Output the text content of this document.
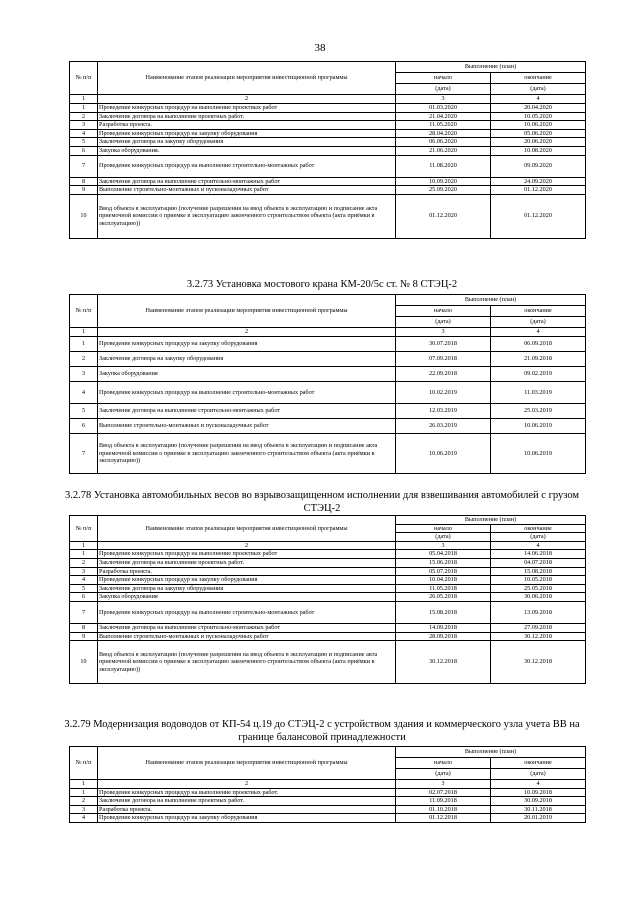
38
№ п/п	Наименование этапов реализации мероприятия инвестиционной программы	Выполнение (план)	
		начало	окончание
		(дата)	(дата)
1	2	3	4
1	Проведение конкурсных процедур на выполнение проектных работ	01.03.2020	20.04.2020
2	Заключение договора на выполнение проектных работ.	21.04.2020	10.05.2020
3	Разработка проекта.	11.05.2020	10.06.2020
4	Проведение конкурсных процедур на закупку оборудования	28.04.2020	05.06.2020
5	Заключение договора на закупку оборудования	06.06.2020	20.06.2020
6	Закупка оборудования.	21.06.2020	10.08.2020
7	Проведение конкурсных процедур на выполнение строительно-монтажных работ	11.08.2020	09.09.2020
8	Заключение договора на выполнение строительно-монтажных работ	10.09.2020	24.09.2020
9	Выполнение строительно-монтажных и пусконаладочных работ	25.09.2020	01.12.2020
10	Ввод объекта в эксплуатацию (получение разрешения на ввод объекта в эксплуатацию и подписание акта приемочной комиссии о приемке в эксплуатацию законченного строительством объекта (акта приёмки в эксплуатацию))	01.12.2020	01.12.2020
3.2.73 Установка мостового крана КМ-20/5с ст. № 8 СТЭЦ-2
№ п/п	Наименование этапов реализации мероприятия инвестиционной программы	Выполнение (план)	
		начало	окончание
		(дата)	(дата)
1	2	3	4
1	Проведение конкурсных процедур на закупку оборудования	30.07.2018	06.09.2018
2	Заключение договора на закупку оборудования	07.09.2018	21.09.2018
3	Закупка оборудования	22.09.2018	09.02.2019
4	Проведение конкурсных процедур на выполнение строительно-монтажных работ	10.02.2019	11.03.2019
5	Заключение договора на выполнение строительно-монтажных работ	12.03.2019	25.03.2019
6	Выполнение строительно-монтажных и пусконаладочных работ	26.03.2019	10.06.2019
7	Ввод объекта в эксплуатацию (получение разрешения на ввод объекта в эксплуатацию и подписание акта приемочной комиссии о приемке в эксплуатацию законченного строительством объекта (акта приёмки в эксплуатацию))	10.06.2019	10.06.2019
3.2.78 Установка автомобильных весов во взрывозащищенном исполнении для взвешивания автомобилей с грузом СТЭЦ-2
№ п/п	Наименование этапов реализации мероприятия инвестиционной программы	Выполнение (план)	
		начало	окончание
		(дата)	(дата)
1	2	3	4
1	Проведение конкурсных процедур на выполнение проектных работ	05.04.2018	14.06.2018
2	Заключение договора на выполнение проектных работ.	15.06.2018	04.07.2018
3	Разработка проекта.	05.07.2018	15.08.2018
4	Проведение конкурсных процедур на закупку оборудования	10.04.2018	10.05.2018
5	Заключение договора на закупку оборудования	11.05.2018	25.05.2018
6	Закупка оборудования	26.05.2018	30.06.2018
7	Проведение конкурсных процедур на выполнение строительно-монтажных работ	15.08.2018	13.09.2018
8	Заключение договора на выполнение строительно-монтажных работ	14.09.2018	27.09.2018
9	Выполнение строительно-монтажных и пусконаладочных работ	28.09.2018	30.12.2018
10	Ввод объекта в эксплуатацию (получение разрешения на ввод объекта в эксплуатацию и подписание акта приемочной комиссии о приемке в эксплуатацию законченного строительством объекта (акта приёмки в эксплуатацию))	30.12.2018	30.12.2018
3.2.79 Модернизация водоводов от КП-54 ц.19 до СТЭЦ-2 с устройством здания и коммерческого узла учета ВВ на границе балансовой принадлежности
№ п/п	Наименование этапов реализации мероприятия инвестиционной программы	Выполнение (план)	
		начало	окончание
		(дата)	(дата)
1	2	3	4
1	Проведение конкурсных процедур на выполнение проектных работ.	02.07.2018	10.09.2018
2	Заключение договора на выполнение проектных работ.	11.09.2018	30.09.2018
3	Разработка проекта.	01.10.2018	30.11.2018
4	Проведение конкурсных процедур на закупку оборудования	01.12.2018	20.01.2019
